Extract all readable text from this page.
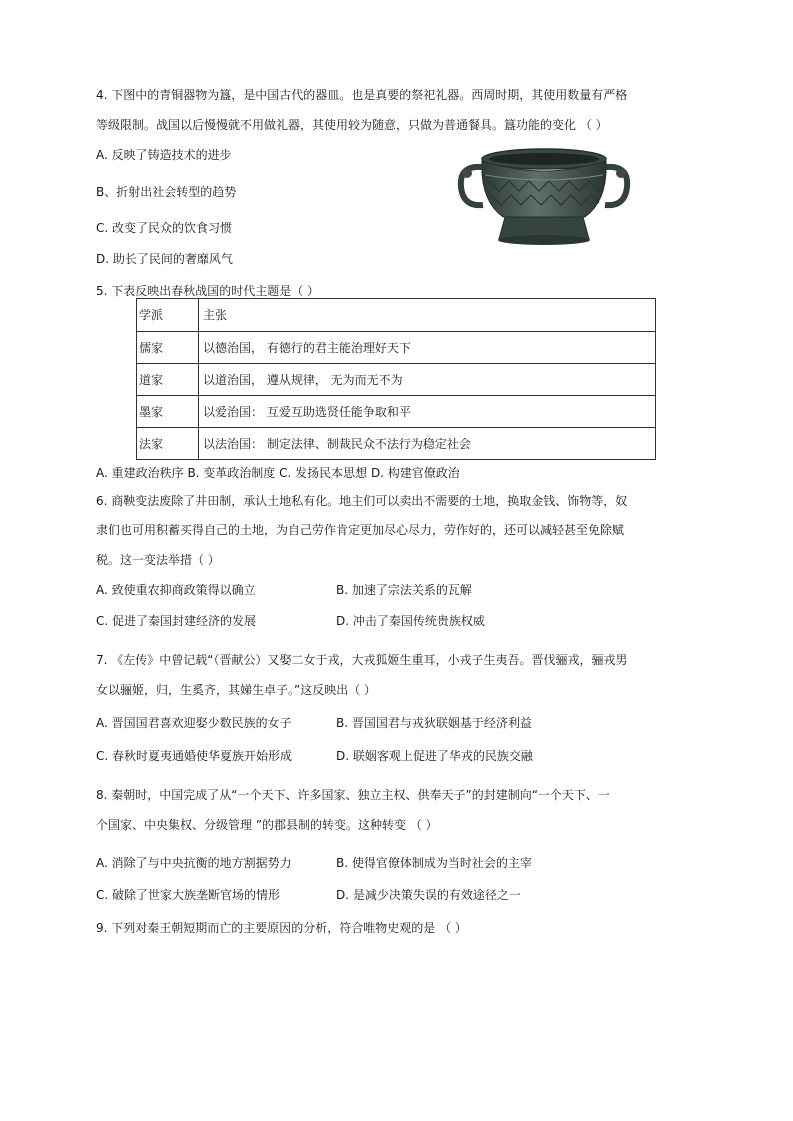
4. 下图中的青铜器物为簋，是中国古代的器皿。也是真要的祭祀礼器。西周时期，其使用数量有严格
等级限制。战国以后慢慢就不用做礼器，其使用较为随意，只做为普通餐具。簋功能的变化 （ ）
A. 反映了铸造技术的进步
B、折射出社会转型的趋势
C. 改变了民众的饮食习惯
D. 助长了民间的奢靡风气
5. 下表反映出春秋战国的时代主题是（ ）
学派	主张
儒家	以德治国， 有德行的君主能治理好天下
道家	以道治国， 遵从规律， 无为而无不为
墨家	以爱治国： 互爱互助选贤任能争取和平
法家	以法治国： 制定法律、制裁民众不法行为稳定社会
A. 重建政治秩序 B. 变革政治制度 C. 发扬民本思想 D. 构建官僚政治
6. 商鞅变法废除了井田制，承认土地私有化。地主们可以卖出不需要的土地，换取金钱、饰物等，奴
隶们也可用积蓄买得自己的土地，为自己劳作肯定更加尽心尽力，劳作好的，还可以减轻甚至免除赋
税。这一变法举措（ ）
A. 致使重农抑商政策得以确立	B. 加速了宗法关系的瓦解
C. 促进了秦国封建经济的发展	D. 冲击了秦国传统贵族权威
7. 《左传》中曾记载“（晋献公）又娶二女于戎，大戎狐姬生重耳，小戎子生夷吾。晋伐骊戎，骊戎男
女以骊姬，归，生奚齐，其娣生卓子。”这反映出（ ）
A. 晋国国君喜欢迎娶少数民族的女子	B. 晋国国君与戎狄联姻基于经济利益
C. 春秋时夏夷通婚使华夏族开始形成	D. 联姻客观上促进了华戎的民族交融
8. 秦朝时，中国完成了从“一个天下、许多国家、独立主权、供奉天子”的封建制向“一个天下、一
个国家、中央集权、分级管理 ”的郡县制的转变。这种转变 （ ）
A. 消除了与中央抗衡的地方割据势力	B. 使得官僚体制成为当时社会的主宰
C. 破除了世家大族垄断官场的情形	D. 是减少决策失误的有效途径之一
9. 下列对秦王朝短期而亡的主要原因的分析，符合唯物史观的是 （ ）
